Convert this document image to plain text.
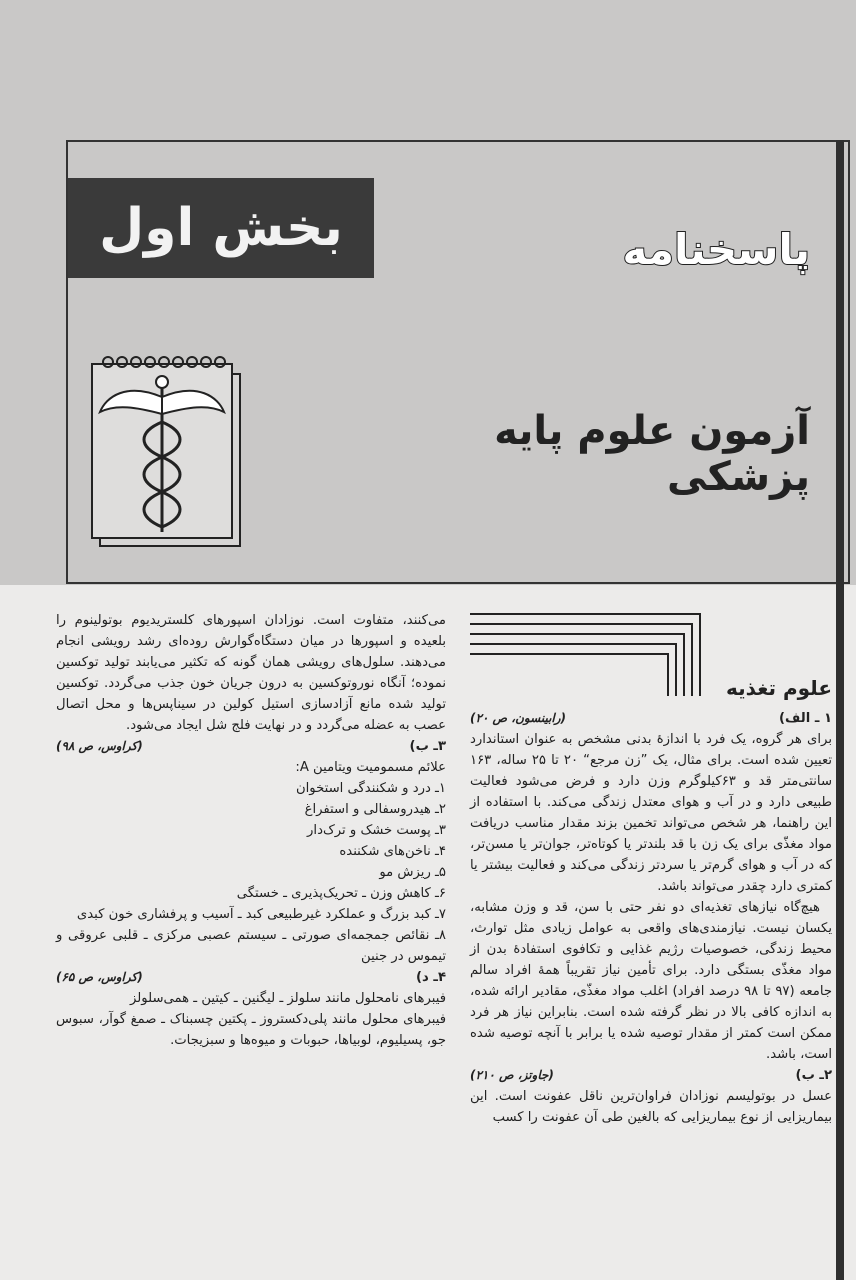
بخش اول	پاسخنامه
آزمون علوم پایه پزشکی
علوم تغذیه
۱ ـ الف)
(رابینسون، ص ۲۰)

برای هر گروه، یک فرد با اندازهٔ بدنی مشخص به عنوان استاندارد تعیین شده است. برای مثال، یک ”زن مرجع“ ۲۰ تا ۲۵ ساله، ۱۶۳ سانتی‌متر قد و ۶۳کیلوگرم وزن دارد و فرض می‌شود فعالیت طبیعی دارد و در آب و هوای معتدل زندگی می‌کند. با استفاده از این راهنما، هر شخص می‌تواند تخمین بزند مقدار مناسب دریافت مواد مغذّی برای یک زن با قد بلندتر یا کوتاه‌تر، جوان‌تر یا مسن‌تر، که در آب و هوای گرم‌تر یا سردتر زندگی می‌کند و فعالیت بیشتر یا کمتری دارد چقدر می‌تواند باشد.

هیچ‌گاه نیازهای تغذیه‌ای دو نفر حتی با سن، قد و وزن مشابه، یکسان نیست. نیازمندی‌های واقعی به عوامل زیادی مثل توارث، محیط زندگی، خصوصیات رژیم غذایی و تکافوی استفادهٔ بدن از مواد مغذّی بستگی دارد. برای تأمین نیاز تقریباً همهٔ افراد سالم جامعه (۹۷ تا ۹۸ درصد افراد) اغلب مواد مغذّی، مقادیر ارائه شده، به اندازه کافی بالا در نظر گرفته شده است. بنابراین نیاز هر فرد ممکن است کمتر از مقدار توصیه شده یا برابر با آنچه توصیه شده است، باشد.

۲ـ ب)
(جاوتز، ص ۲۱۰)

عسل در بوتولیسم نوزادان فراوان‌ترین ناقل عفونت است. این بیماریزایی از نوع بیماریزایی که بالغین طی آن عفونت را کسب

می‌کنند، متفاوت است. نوزادان اسپورهای کلستریدیوم بوتولینوم را بلعیده و اسپورها در میان دستگاه‌گوارش روده‌ای رشد رویشی انجام می‌دهند. سلول‌های رویشی همان گونه که تکثیر می‌یابند تولید توکسین نموده؛ آنگاه نوروتوکسین به درون جریان خون جذب می‌گردد. توکسین تولید شده مانع آزادسازی استیل کولین در سیناپس‌ها و محل اتصال عصب به عضله می‌گردد و در نهایت فلج شل ایجاد می‌شود.

۳ـ ب)
(کراوس، ص ۹۸)

علائم مسمومیت ویتامین A:

۱ـ درد و شکنندگی استخوان
۲ـ هیدروسفالی و استفراغ
۳ـ پوست خشک و ترک‌دار
۴ـ ناخن‌های شکننده
۵ـ ریزش مو
۶ـ کاهش وزن ـ تحریک‌پذیری ـ خستگی
۷ـ کبد بزرگ و عملکرد غیرطبیعی کبد ـ آسیب و پرفشاری خون کبدی
۸ـ نقائص جمجمه‌ای صورتی ـ سیستم عصبی مرکزی ـ قلبی عروقی و تیموس در جنین
۴ـ د)
(کراوس، ص ۶۵)

فیبرهای نامحلول مانند سلولز ـ لیگنین ـ کیتین ـ همی‌سلولز

فیبرهای محلول مانند پلی‌دکستروز ـ پکتین چسبناک ـ صمغ گوآر، سبوس جو، پسیلیوم، لوبیاها، حبوبات و میوه‌ها و سبزیجات.
